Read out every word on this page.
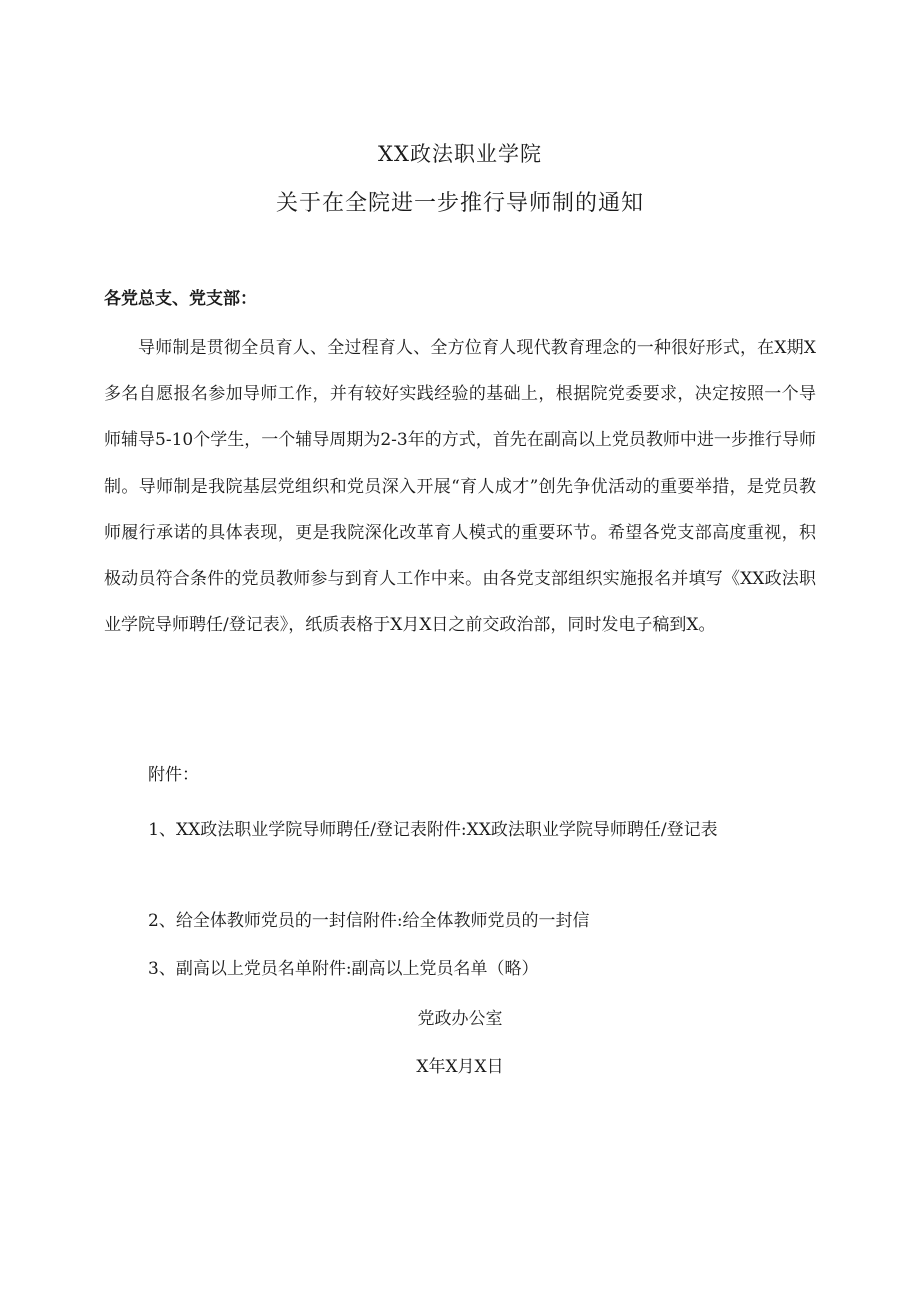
XX政法职业学院
关于在全院进一步推行导师制的通知
各党总支、党支部：

导师制是贯彻全员育人、全过程育人、全方位育人现代教育理念的一种很好形式，在X期X多名自愿报名参加导师工作，并有较好实践经验的基础上，根据院党委要求，决定按照一个导师辅导5-10个学生，一个辅导周期为2-3年的方式，首先在副高以上党员教师中进一步推行导师制。导师制是我院基层党组织和党员深入开展“育人成才”创先争优活动的重要举措，是党员教师履行承诺的具体表现，更是我院深化改革育人模式的重要环节。希望各党支部高度重视，积极动员符合条件的党员教师参与到育人工作中来。由各党支部组织实施报名并填写《XX政法职业学院导师聘任/登记表》，纸质表格于X月X日之前交政治部，同时发电子稿到X。

附件：

1、XX政法职业学院导师聘任/登记表附件:XX政法职业学院导师聘任/登记表

2、给全体教师党员的一封信附件:给全体教师党员的一封信
3、副高以上党员名单附件:副高以上党员名单（略）
党政办公室
X年X月X日
